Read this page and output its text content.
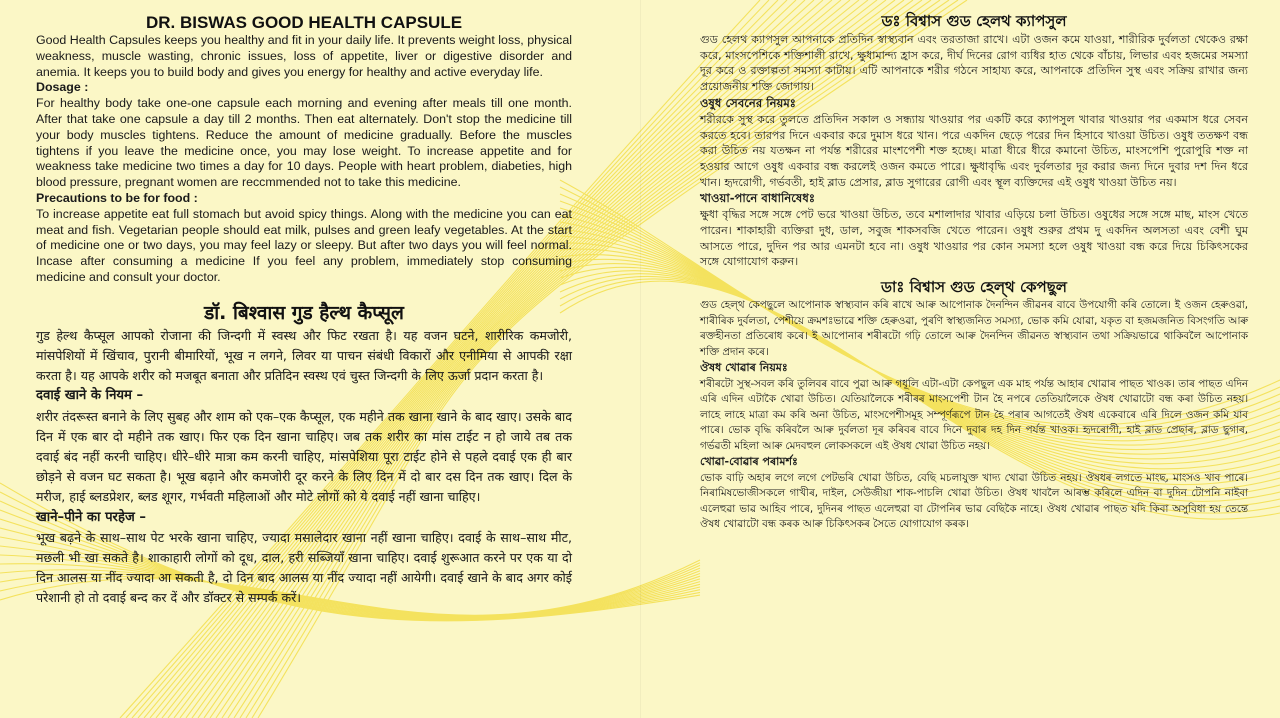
DR. BISWAS GOOD HEALTH CAPSULE

Good Health Capsules keeps you healthy and fit in your daily life. It prevents weight loss, physical weakness, muscle wasting, chronic issues, loss of appetite, liver or digestive disorder and anemia. It keeps you to build body and gives you energy for healthy and active everyday life.

Dosage :

For healthy body take one-one capsule each morning and evening after meals till one month. After that take one capsule a day till 2 months. Then eat alternately. Don't stop the medicine till your body muscles tightens. Reduce the amount of medicine gradually. Before the muscles tightens if you leave the medicine once, you may lose weight. To increase appetite and for weakness take medicine two times a day for 10 days. People with heart problem, diabeties, high blood pressure, pregnant women are reccmmended not to take this medicine.

Precautions to be for food :

To increase appetite eat full stomach but avoid spicy things. Along with the medicine you can eat meat and fish. Vegetarian people should eat milk, pulses and green leafy vegetables. At the start of medicine one or two days, you may feel lazy or sleepy. But after two days you will feel normal. Incase after consuming a medicine If you feel any problem, immediately stop consuming medicine and consult your doctor.

डॉ. बिश्वास गुड हैल्थ कैप्सूल

गुड हेल्थ कैप्सूल आपको रोजाना की जिन्दगी में स्वस्थ और फिट रखता है। यह वजन घटने, शारीरिक कमजोरी, मांसपेशियों में खिंचाव, पुरानी बीमारियों, भूख न लगने, लिवर या पाचन संबंधी विकारों और एनीमिया से आपकी रक्षा करता है। यह आपके शरीर को मजबूत बनाता और प्रतिदिन स्वस्थ एवं चुस्त जिन्दगी के लिए ऊर्जा प्रदान करता है।

दवाई खाने के नियम –

शरीर तंदरूस्त बनाने के लिए सुबह और शाम को एक–एक कैप्सूल, एक महीने तक खाना खाने के बाद खाए। उसके बाद दिन में एक बार दो महीने तक खाए। फिर एक दिन खाना चाहिए। जब तक शरीर का मांस टाईट न हो जाये तब तक दवाई बंद नहीं करनी चाहिए। धीरे–धीरे मात्रा कम करनी चाहिए, मांसपेशिया पूरा टाईट होने से पहले दवाई एक ही बार छोड़ने से वजन घट सकता है। भूख बढ़ाने और कमजोरी दूर करने के लिए दिन में दो बार दस दिन तक खाए। दिल के मरीज, हाई ब्लडप्रेशर, ब्लड शूगर, गर्भवती महिलाओं और मोटे लोगों को ये दवाई नहीं खाना चाहिए।

खाने–पीने का परहेज –

भूख बढ़ने के साथ–साथ पेट भरके खाना चाहिए, ज्यादा मसालेदार खाना नहीं खाना चाहिए। दवाई के साथ–साथ मीट, मछली भी खा सकते है। शाकाहारी लोगों को दूध, दाल, हरी सब्जियाँ खाना चाहिए। दवाई शुरूआत करने पर एक या दो दिन आलस या नींद ज्यादा आ सकती है, दो दिन बाद आलस या नींद ज्यादा नहीं आयेगी। दवाई खाने के बाद अगर कोई परेशानी हो तो दवाई बन्द कर दें और डॉक्टर से सम्पर्क करें।

ডঃ বিশ্বাস গুড হেলথ ক্যাপসুল

গুড হেলথ ক্যাপসুল আপনাকে প্রতিদিন স্বাস্থ্যবান এবং তরতাজা রাখে। এটা ওজন কমে যাওয়া, শারীরিক দুর্বলতা থেকেও রক্ষা করে, মাংসপেশিকে শক্তিশালী রাখে, ক্ষুধামান্দ্য হ্রাস করে, দীর্ঘ দিনের রোগ ব্যধির হাত থেকে বাঁচায়, লিভার এবং হজমের সমস্যা দূর করে ও রক্তাল্পতা সমস্যা কাটায়। এটি আপনাকে শরীর গঠনে সাহায্য করে, আপনাকে প্রতিদিন সুস্থ এবং সক্রিয় রাখার জন্য প্রয়োজনীয় শক্তি জোগায়।

ওষুধ সেবনের নিয়মঃ

শরীরকে সুস্থ করে তুলতে প্রতিদিন সকাল ও সন্ধ্যায় খাওয়ার পর একটি করে ক্যাপসুল খাবার খাওয়ার পর একমাস ধরে সেবন করতে হবে। তারপর দিনে একবার করে দুমাস ধরে খান। পরে একদিন ছেড়ে পরের দিন হিসাবে খাওয়া উচিত। ওষুধ ততক্ষণ বন্ধ করা উচিত নয় যতক্ষন না পর্যন্ত শরীরের মাংশপেশী শক্ত হচ্ছে। মাত্রা ধীরে ধীরে কমানো উচিত, মাংসপেশি পুরোপুরি শক্ত না হওয়ার আগে ওষুধ একবার বন্ধ করলেই ওজন কমতে পারে। ক্ষুধাবৃদ্ধি এবং দুর্বলতার দূর করার জন্য দিনে দুবার দশ দিন ধরে খান। হৃদরোগী, গর্ভবতী, হাই ব্লাড প্রেসার, ব্লাড সুগারের রোগী এবং স্থূল ব্যক্তিদের এই ওষুধ খাওয়া উচিত নয়।

খাওয়া-পানে বাধানিষেধঃ

ক্ষুধা বৃদ্ধির সঙ্গে সঙ্গে পেট ভরে খাওয়া উচিত, তবে মশালাদার খাবার এড়িয়ে চলা উচিত। ওষুধের সঙ্গে সঙ্গে মাছ, মাংস খেতে পারেন। শাকাহারী ব্যক্তিরা দুধ, ডাল, সবুজ শাকসবজি খেতে পারেন। ওষুধ শুরুর প্রথম দু একদিন অলসতা এবং বেশী ঘুম আসতে পারে, দুদিন পর আর এমনটা হবে না। ওষুধ খাওয়ার পর কোন সমস্যা হলে ওষুধ খাওয়া বন্ধ করে দিয়ে চিকিৎসকের সঙ্গে যোগাযোগ করুন।

ডাঃ বিশ্বাস গুড হেল্থ কেপছুল

গুড হেল্থ কেপছুলে আপোনাক স্বাস্থ্যবান কৰি ৰাখে আৰু আপোনাক দৈনন্দিন জীৱনৰ বাবে উপযোগী কৰি তোলে। ই ওজন হেৰুওৱা, শাৰীৰিক দুৰ্বলতা, পেশীয়ে ক্ৰমশঃভাৱে শক্তি হেৰুওৱা, পুৰণি স্বাস্থ্যজনিত সমস্যা, ভোক কমি যোৱা, যকৃত বা হজমজনিত বিসংগতি আৰু ৰক্তহীনতা প্ৰতিৰোধ কৰে। ই আপোনাৰ শৰীৰটো গঢ়ি তোলে আৰু দৈনন্দিন জীৱনত স্বাস্থ্যবান তথা সক্ৰিয়ভাৱে থাকিবলৈ আপোনাক শক্তি প্ৰদান কৰে।

ঔষধ খোৱাৰ নিয়মঃ

শৰীৰটো সুস্থ-সবল কৰি তুলিবৰ বাবে পুৱা আৰু গধূলি এটা-এটা কেপছুল এক মাহ পৰ্যন্ত আহাৰ খোৱাৰ পাছত খাওক। তাৰ পাছত এদিন এৰি এদিন এটাকৈ খোৱা উচিত। যেতিয়ালৈকে শৰীৰৰ মাংসপেশী টান হৈ নপৰে তেতিয়ালৈকে ঔষধ খোৱাটো বন্ধ কৰা উচিত নহয়। লাহে লাহে মাত্ৰা কম কৰি অনা উচিত, মাংসপেশীসমূহ সম্পূৰ্ণৰূপে টান হৈ পৰাৰ আগতেই ঔষধ একেবাৰে এৰি দিলে ওজন কমি যাব পাৰে। ভোক বৃদ্ধি কৰিবলৈ আৰু দুৰ্বলতা দূৰ কৰিবৰ বাবে দিনে দুবাৰ দহ দিন পৰ্যন্ত খাওক। হৃদৰোগী, হাই ব্লাড প্ৰেছাৰ, ব্লাড ছুগাৰ, গৰ্ভৱতী মহিলা আৰু মেদবহুল লোকসকলে এই ঔষধ খোৱা উচিত নহয়।

খোৱা-বোৱাৰ পৰামৰ্শঃ

ভোক বাঢ়ি অহাৰ লগে লগে পেটভৰি খোৱা উচিত, বেছি মচলাযুক্ত খাদ্য খোৱা উচিত নহয়। ঔষধৰ লগতে মাংছ, মাংসও খাব পাৰে। নিৰামিষভোজীসকলে গাখীৰ, দাইল, সেউজীয়া শাক-পাচলি খোৱা উচিত। ঔষধ খাবলৈ আৰম্ভ কৰিলে এদিন বা দুদিন টোপনি নাইবা এলেহুৱা ভাৱ আহিব পাৰে, দুদিনৰ পাছত এলেহুৱা বা টোপনিৰ ভাৱ বেছিকৈ নাহে। ঔষধ খোৱাৰ পাছত যদি কিবা অসুবিধা হয় তেন্তে ঔষধ খোৱাটো বন্ধ কৰক আৰু চিকিৎসকৰ সৈতে যোগাযোগ কৰক।
